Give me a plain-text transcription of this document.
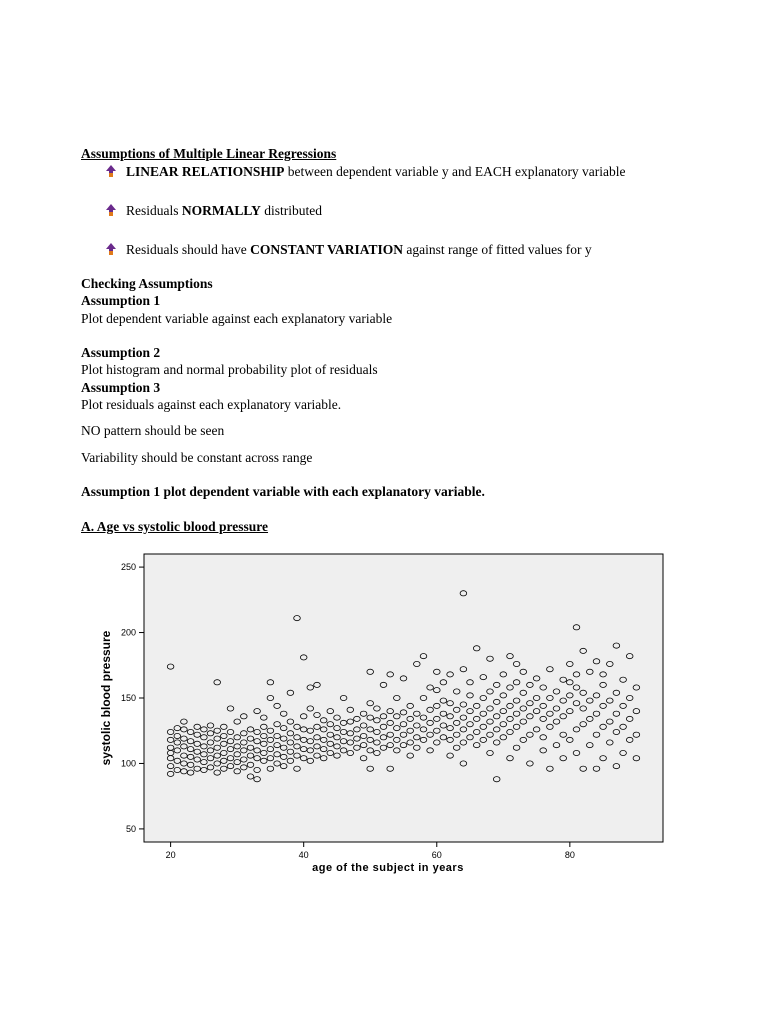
Assumptions of Multiple Linear Regressions
LINEAR RELATIONSHIP between dependent variable y and EACH explanatory variable
Residuals NORMALLY distributed
Residuals should have CONSTANT VARIATION against range of fitted values for y
Checking Assumptions
Assumption 1
Plot dependent variable against each explanatory variable
Assumption 2
Plot histogram and normal probability plot of residuals
Assumption 3
Plot residuals against each explanatory variable.
NO pattern should be seen
Variability should be constant across range
Assumption 1 plot dependent variable with each explanatory variable.
A. Age vs systolic blood pressure
50
100
150
200
250
20	40	60	80
age of the subject in years
systolic blood pressure
